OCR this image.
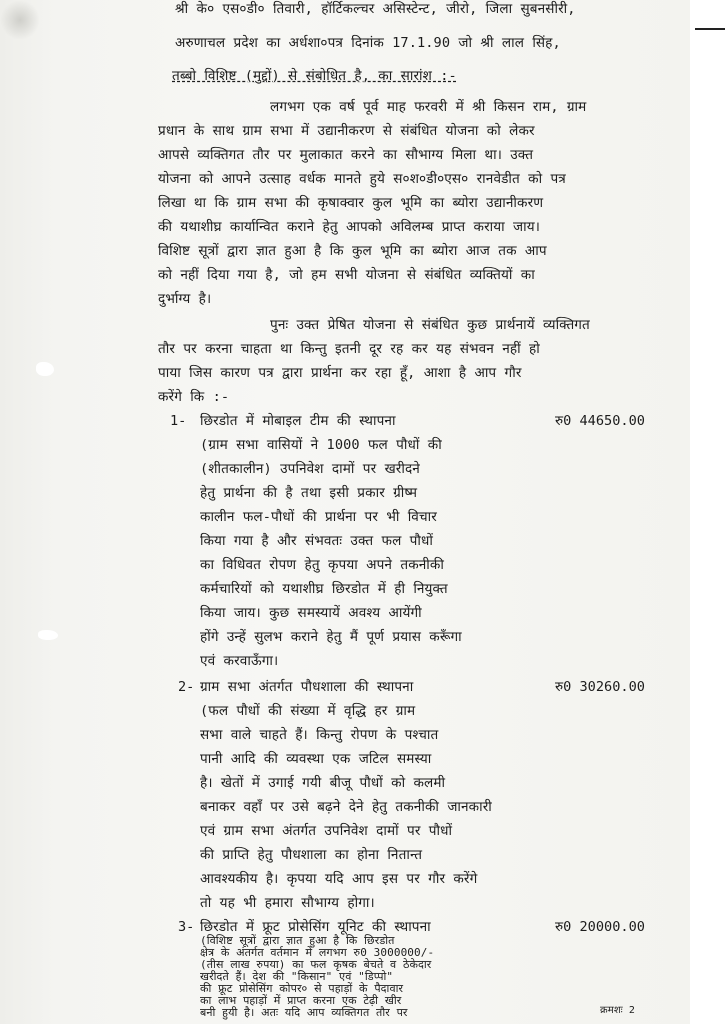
श्री के० एस०डी० तिवारी, हॉर्टिकल्चर असिस्टेन्ट, जीरो, जिला सुबनसीरी,
अरुणाचल प्रदेश का अर्धशा०पत्र दिनांक 17.1.90 जो श्री लाल सिंह,
तब्बो विशिष्ट (मुद्दों) से संबोधित है, का सारांश :-
लगभग एक वर्ष पूर्व माह फरवरी में श्री किसन राम, ग्राम
प्रधान के साथ ग्राम सभा में उद्यानीकरण से संबंधित योजना को लेकर
आपसे व्यक्तिगत तौर पर मुलाकात करने का सौभाग्य मिला था। उक्त
योजना को आपने उत्साह वर्धक मानते हुये स०श०डी०एस० रानवेडीत को पत्र
लिखा था कि ग्राम सभा की कृषाक्वार कुल भूमि का ब्योरा उद्यानीकरण
की यथाशीघ्र कार्यान्वित कराने हेतु आपको अविलम्ब प्राप्त कराया जाय।
विशिष्ट सूत्रों द्वारा ज्ञात हुआ है कि कुल भूमि का ब्योरा आज तक आप
को नहीं दिया गया है, जो हम सभी योजना से संबंधित व्यक्तियों का
दुर्भाग्य है।
पुनः उक्त प्रेषित योजना से संबंधित कुछ प्रार्थनायें व्यक्तिगत
तौर पर करना चाहता था किन्तु इतनी दूर रह कर यह संभवन नहीं हो
पाया जिस कारण पत्र द्वारा प्रार्थना कर रहा हूँ, आशा है आप गौर
करेंगे कि :-
1- छिरडोत में मोबाइल टीम की स्थापना	रु0 44650.00
(ग्राम सभा वासियों ने 1000 फल पौधों की
(शीतकालीन) उपनिवेश दामों पर खरीदने
हेतु प्रार्थना की है तथा इसी प्रकार ग्रीष्म
कालीन फल-पौधों की प्रार्थना पर भी विचार
किया गया है और संभवतः उक्त फल पौधों
का विधिवत रोपण हेतु कृपया अपने तकनीकी
कर्मचारियों को यथाशीघ्र छिरडोत में ही नियुक्त
किया जाय। कुछ समस्यायें अवश्य आयेंगी
होंगे उन्हें सुलभ कराने हेतु मैं पूर्ण प्रयास करूँगा
एवं करवाऊँगा।
2- ग्राम सभा अंतर्गत पौधशाला की स्थापना	रु0 30260.00
(फल पौधों की संख्या में वृद्धि हर ग्राम
सभा वाले चाहते हैं। किन्तु रोपण के पश्चात
पानी आदि की व्यवस्था एक जटिल समस्या
है। खेतों में उगाई गयी बीजू पौधों को कलमी
बनाकर वहाँ पर उसे बढ़ने देने हेतु तकनीकी जानकारी
एवं ग्राम सभा अंतर्गत उपनिवेश दामों पर पौधों
की प्राप्ति हेतु पौधशाला का होना नितान्त
आवश्यकीय है। कृपया यदि आप इस पर गौर करेंगे
तो यह भी हमारा सौभाग्य होगा।
3- छिरडोत में फ्रूट प्रोसेसिंग यूनिट की स्थापना	रु0 20000.00
(विशिष्ट सूत्रों द्वारा ज्ञात हुआ है कि छिरडोत
क्षेत्र के अंतर्गत वर्तमान में लगभग रु0 3000000/-
(तीस लाख रुपया) का फल कृषक बेचते व ठेकेदार
खरीदते हैं। देश की "किसान" एवं "डिप्पो"
की फ्रूट प्रोसेसिंग कोपर० से पहाड़ों के पैदावार
का लाभ पहाड़ों में प्राप्त करना एक टेढ़ी खीर
बनी हुयी है। अतः यदि आप व्यक्तिगत तौर पर	क्रमशः 2
